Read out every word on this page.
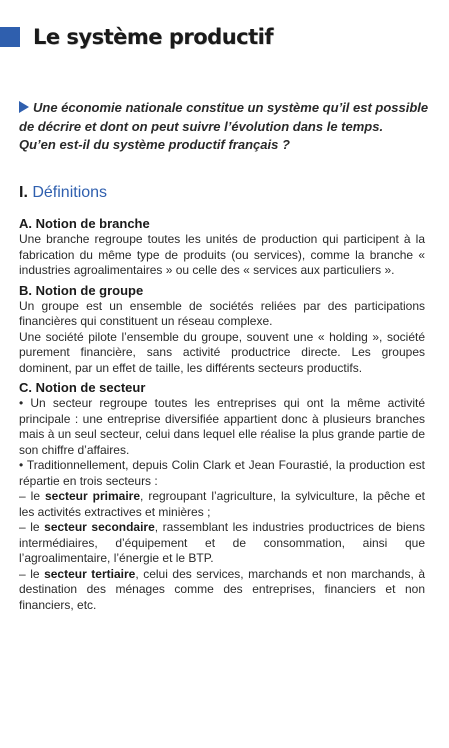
Le système productif
Une économie nationale constitue un système qu’il est possible de décrire et dont on peut suivre l’évolution dans le temps.
Qu’en est-il du système productif français ?
I. Définitions
A. Notion de branche
Une branche regroupe toutes les unités de production qui participent à la fabrication du même type de produits (ou services), comme la branche « industries agroalimentaires » ou celle des « services aux particuliers ».
B. Notion de groupe
Un groupe est un ensemble de sociétés reliées par des participations financières qui constituent un réseau complexe.
Une société pilote l’ensemble du groupe, souvent une « holding », société purement financière, sans activité productrice directe. Les groupes dominent, par un effet de taille, les différents secteurs productifs.
C. Notion de secteur
• Un secteur regroupe toutes les entreprises qui ont la même activité principale : une entreprise diversifiée appartient donc à plusieurs branches mais à un seul secteur, celui dans lequel elle réalise la plus grande partie de son chiffre d’affaires.
• Traditionnellement, depuis Colin Clark et Jean Fourastié, la production est répartie en trois secteurs :
– le secteur primaire, regroupant l’agriculture, la sylviculture, la pêche et les activités extractives et minières ;
– le secteur secondaire, rassemblant les industries productrices de biens intermédiaires, d’équipement et de consommation, ainsi que l’agroalimentaire, l’énergie et le BTP.
– le secteur tertiaire, celui des services, marchands et non marchands, à destination des ménages comme des entreprises, financiers et non financiers, etc.
